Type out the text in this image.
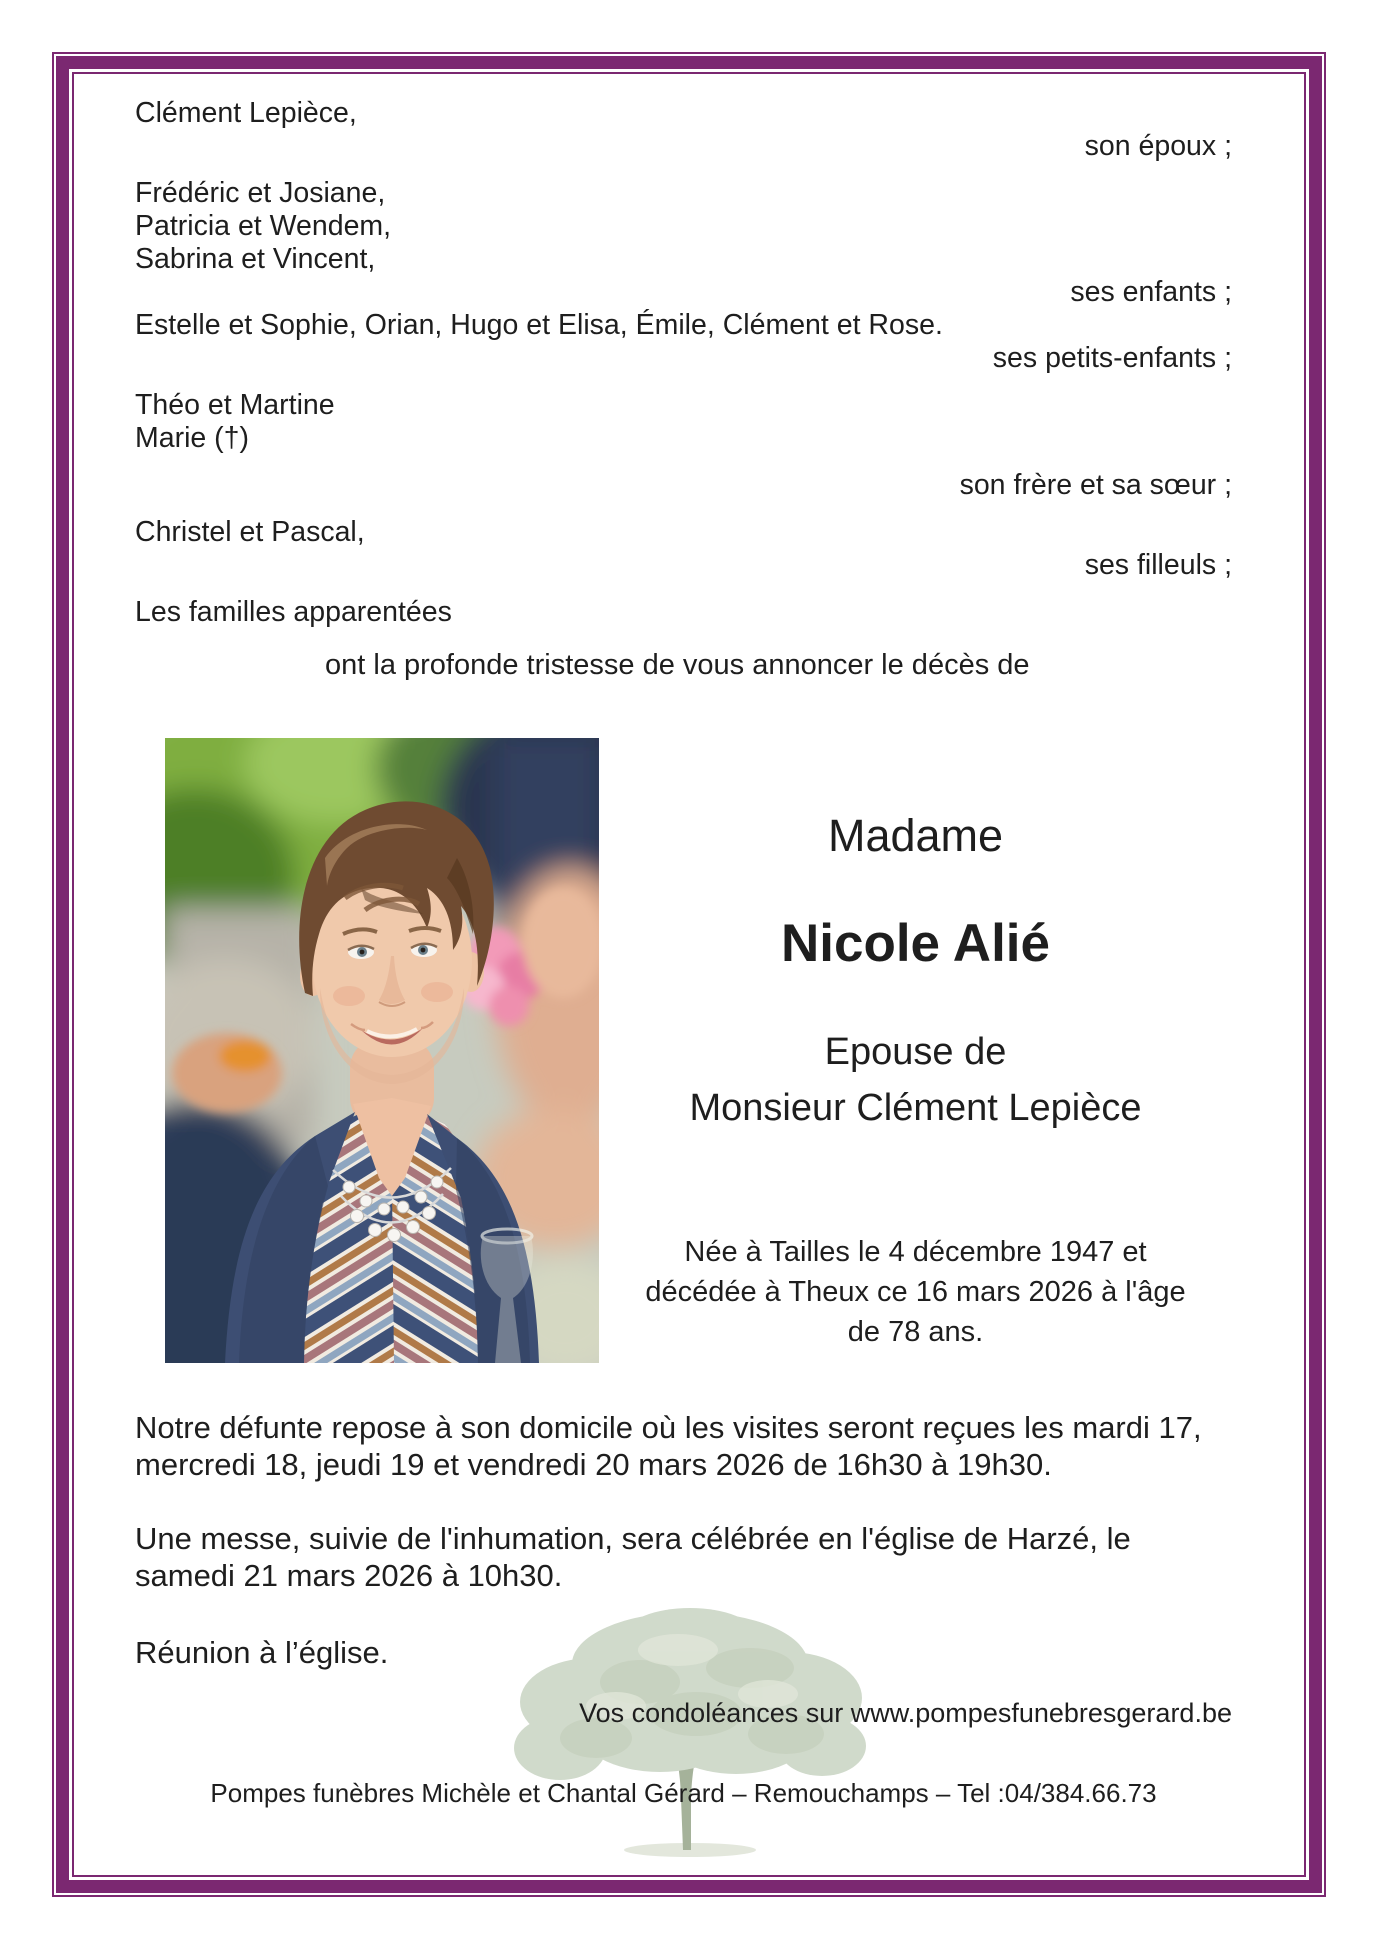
Clément Lepièce,
son époux ;
Frédéric et Josiane,
Patricia et Wendem,
Sabrina et Vincent,
ses enfants ;
Estelle et Sophie, Orian, Hugo et Elisa, Émile, Clément et Rose.
ses petits-enfants ;
Théo et Martine
Marie (†)
son frère et sa sœur ;
Christel et Pascal,
ses filleuls ;
Les familles apparentées
ont la profonde tristesse de vous annoncer le décès de
Madame
Nicole Alié
Epouse de
Monsieur Clément Lepièce
Née à Tailles le 4 décembre 1947 et
décédée à Theux ce 16 mars 2026 à l'âge
de 78 ans.

Notre défunte repose à son domicile où les visites seront reçues les mardi 17, mercredi 18, jeudi 19 et vendredi 20 mars 2026 de 16h30 à 19h30.

Une messe, suivie de l'inhumation, sera célébrée en l'église de Harzé, le samedi 21 mars 2026 à 10h30.

Réunion à l’église.

Vos condoléances sur www.pompesfunebresgerard.be
Pompes funèbres Michèle et Chantal Gérard – Remouchamps – Tel :04/384.66.73
